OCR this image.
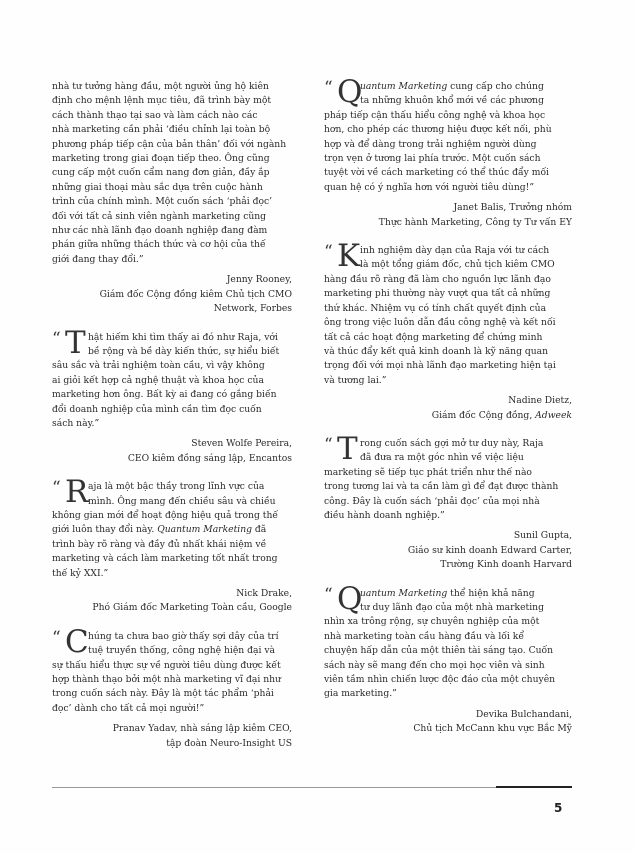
nhà tư tưởng hàng đầu, một người ủng hộ kiên
định cho mệnh lệnh mục tiêu, đã trình bày một
cách thành thạo tại sao và làm cách nào các
nhà marketing cần phải ‘điều chỉnh lại toàn bộ
phương pháp tiếp cận của bản thân’ đối với ngành
marketing trong giai đoạn tiếp theo. Ông cũng
cung cấp một cuốn cẩm nang đơn giản, đầy ắp
những giai thoại màu sắc dựa trên cuộc hành
trình của chính mình. Một cuốn sách ‘phải đọc’
đối với tất cả sinh viên ngành marketing cũng
như các nhà lãnh đạo doanh nghiệp đang đàm
phán giữa những thách thức và cơ hội của thế
giới đang thay đổi.”

Jenny Rooney,
Giám đốc Cộng đồng kiêm Chủ tịch CMO
Network, Forbes
“ T hật hiếm khi tìm thấy ai đó như Raja, với
bề rộng và bề dày kiến thức, sự hiểu biết
sâu sắc và trải nghiệm toàn cầu, vì vậy không
ai giỏi kết hợp cả nghệ thuật và khoa học của
marketing hơn ông. Bất kỳ ai đang có gắng biến
đổi doanh nghiệp của mình cần tìm đọc cuốn
sách này.”

Steven Wolfe Pereira,
CEO kiêm đồng sáng lập, Encantos
“ R aja là một bậc thầy trong lĩnh vực của
mình. Ông mang đến chiều sâu và chiều
không gian mới để hoạt động hiệu quả trong thế
giới luôn thay đổi này. Quantum Marketing đã
trình bày rõ ràng và đầy đủ nhất khái niệm về
marketing và cách làm marketing tốt nhất trong
thế kỷ XXI.”

Nick Drake,
Phó Giám đốc Marketing Toàn cầu, Google
“ C húng ta chưa bao giờ thấy sợi dây của trí
tuệ truyền thống, công nghệ hiện đại và
sự thấu hiểu thực sự về người tiêu dùng được kết
hợp thành thạo bởi một nhà marketing vĩ đại như
trong cuốn sách này. Đây là một tác phẩm ‘phải
đọc’ dành cho tất cả mọi người!”

Pranav Yadav, nhà sáng lập kiêm CEO,
tập đoàn Neuro-Insight US
“ Q

uantum Marketing cung cấp cho chúng
ta những khuôn khổ mới về các phương
pháp tiếp cận thấu hiểu công nghệ và khoa học
hơn, cho phép các thương hiệu được kết nối, phù
hợp và để dàng trong trải nghiệm người dùng
trọn vẹn ở tương lai phía trước. Một cuốn sách
tuyệt vời về cách marketing có thể thúc đẩy mối
quan hệ có ý nghĩa hơn với người tiêu dùng!”

Janet Balis, Trưởng nhóm
Thực hành Marketing, Công ty Tư vấn EY
“ K inh nghiệm dày dạn của Raja với tư cách
là một tổng giám đốc, chủ tịch kiêm CMO
hàng đầu rõ ràng đã làm cho nguồn lực lãnh đạo
marketing phi thường này vượt qua tất cả những
thứ khác. Nhiệm vụ có tính chất quyết định của
ông trong việc luôn dẫn đầu công nghệ và kết nối
tất cả các hoạt động marketing để chứng minh
và thúc đẩy kết quả kinh doanh là kỹ năng quan
trọng đối với mọi nhà lãnh đạo marketing hiện tại
và tương lai.”

Nadine Dietz,
Giám đốc Cộng đồng, Adweek
“ T rong cuốn sách gợi mở tư duy này, Raja
đã đưa ra một góc nhìn về việc liệu
marketing sẽ tiếp tục phát triển như thế nào
trong tương lai và ta cần làm gì để đạt được thành
công. Đây là cuốn sách ‘phải đọc’ của mọi nhà
điều hành doanh nghiệp.”

Sunil Gupta,
Giáo sư kinh doanh Edward Carter,
Trường Kinh doanh Harvard
“ Q

uantum Marketing thể hiện khả năng
tư duy lãnh đạo của một nhà marketing
nhìn xa trông rộng, sự chuyên nghiệp của một
nhà marketing toàn cầu hàng đầu và lối kể
chuyện hấp dẫn của một thiên tài sáng tạo. Cuốn
sách này sẽ mang đến cho mọi học viên và sinh
viên tầm nhìn chiến lược độc đáo của một chuyên
gia marketing.”

Devika Bulchandani,
Chủ tịch McCann khu vực Bắc Mỹ
5
